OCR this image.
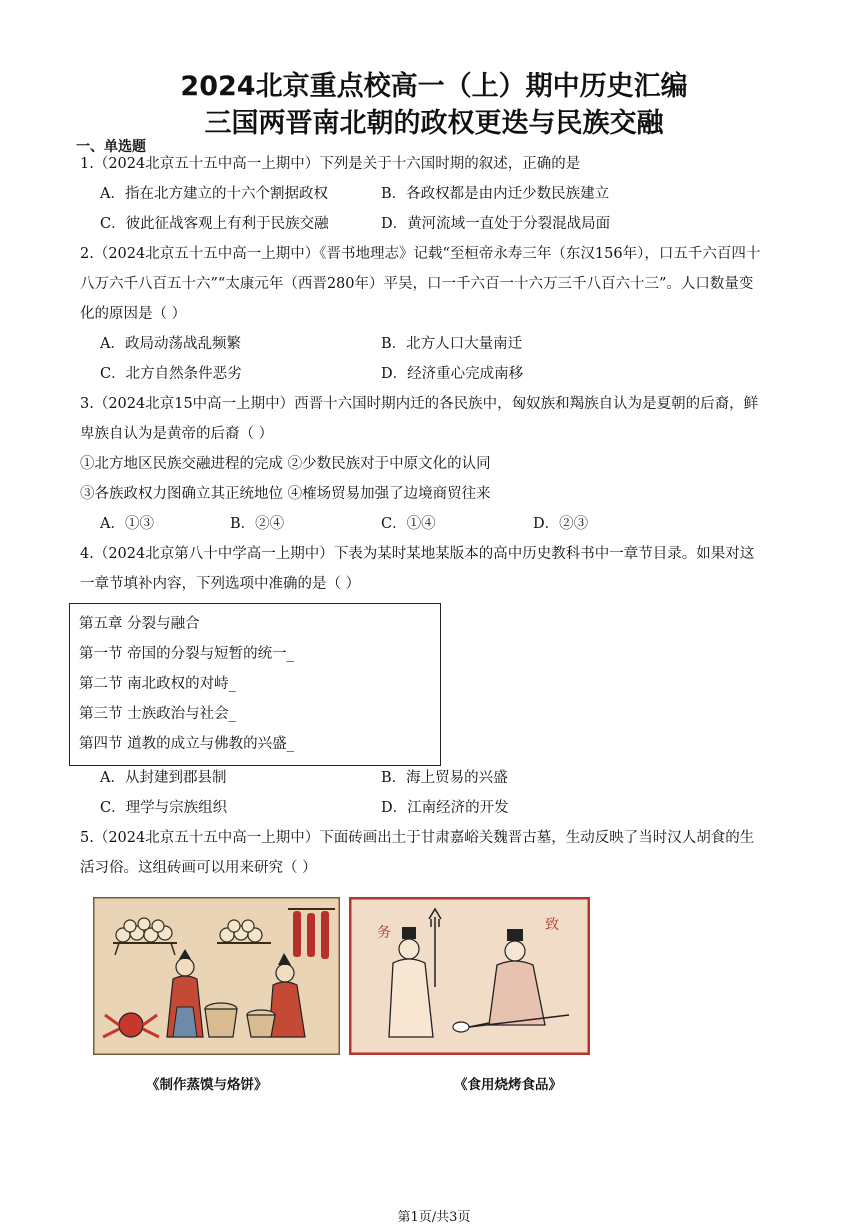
2024北京重点校高一（上）期中历史汇编
三国两晋南北朝的政权更迭与民族交融
一、单选题
1.（2024北京五十五中高一上期中）下列是关于十六国时期的叙述，正确的是
A．指在北方建立的十六个割据政权	B．各政权都是由内迁少数民族建立
C．彼此征战客观上有利于民族交融	D．黄河流域一直处于分裂混战局面
2.（2024北京五十五中高一上期中）《晋书地理志》记载“至桓帝永寿三年（东汉156年），口五千六百四十
八万六千八百五十六”“太康元年（西晋280年）平吴，口一千六百一十六万三千八百六十三”。人口数量变
化的原因是（ ）
A．政局动荡战乱频繁	B．北方人口大量南迁
C．北方自然条件恶劣	D．经济重心完成南移
3.（2024北京15中高一上期中）西晋十六国时期内迁的各民族中，匈奴族和羯族自认为是夏朝的后裔，鲜
卑族自认为是黄帝的后裔（ ）
①北方地区民族交融进程的完成 ②少数民族对于中原文化的认同
③各族政权力图确立其正统地位 ④榷场贸易加强了边境商贸往来
A．①③	B．②④	C．①④	D．②③
4.（2024北京第八十中学高一上期中）下表为某时某地某版本的高中历史教科书中一章节目录。如果对这
一章节填补内容，下列选项中准确的是（ ）
第五章 分裂与融合
第一节 帝国的分裂与短暂的统一_
第二节 南北政权的对峙_
第三节 士族政治与社会_
第四节 道教的成立与佛教的兴盛_
A．从封建到郡县制	B．海上贸易的兴盛
C．理学与宗族组织	D．江南经济的开发
5.（2024北京五十五中高一上期中）下面砖画出土于甘肃嘉峪关魏晋古墓，生动反映了当时汉人胡食的生
活习俗。这组砖画可以用来研究（ ）
务	致
《制作蒸馍与烙饼》	《食用烧烤食品》
第1页/共3页
